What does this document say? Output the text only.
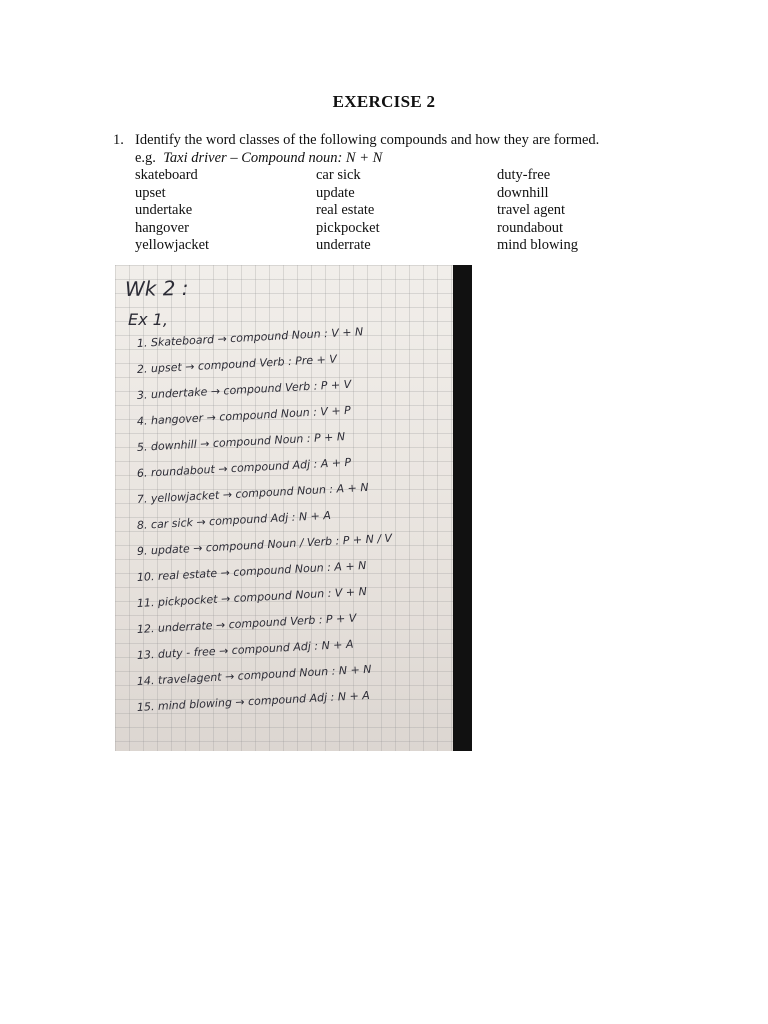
EXERCISE 2
1. Identify the word classes of the following compounds and how they are formed.
e.g. Taxi driver – Compound noun: N + N
skateboard
upset
undertake
hangover
yellowjacket
car sick
update
real estate
pickpocket
underrate
duty-free
downhill
travel agent
roundabout
mind blowing
Wk 2 :
Ex 1,
1. Skateboard → compound Noun : V + N
2. upset → compound Verb : Pre + V
3. undertake → compound Verb : P + V
4. hangover → compound Noun : V + P
5. downhill → compound Noun : P + N
6. roundabout → compound Adj : A + P
7. yellowjacket → compound Noun : A + N
8. car sick → compound Adj : N + A
9. update → compound Noun / Verb : P + N / V
10. real estate → compound Noun : A + N
11. pickpocket → compound Noun : V + N
12. underrate → compound Verb : P + V
13. duty - free → compound Adj : N + A
14. travelagent → compound Noun : N + N
15. mind blowing → compound Adj : N + A
